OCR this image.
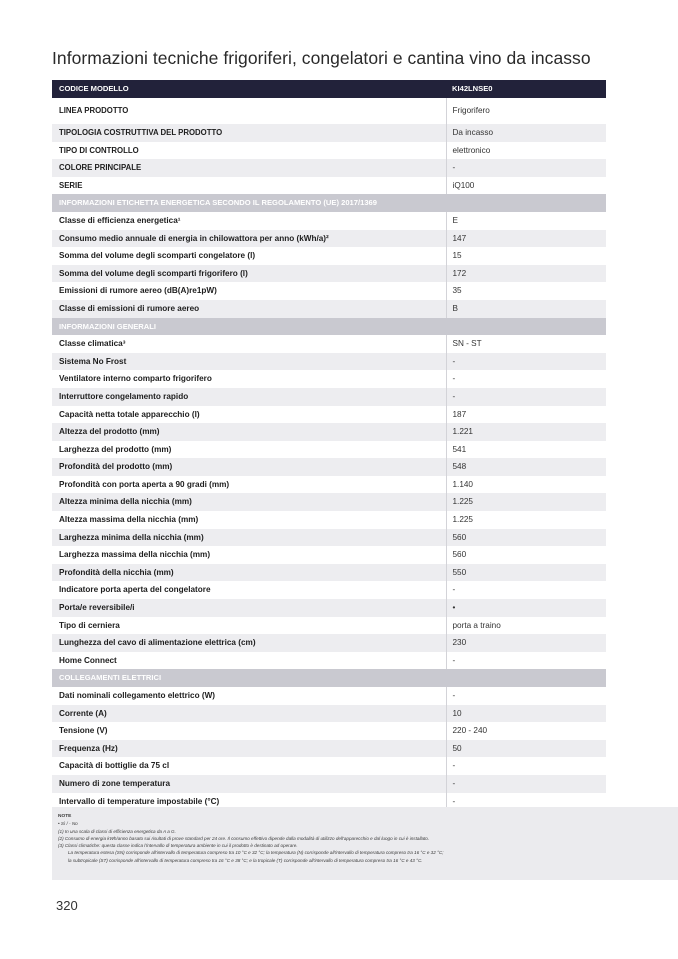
Informazioni tecniche frigoriferi, congelatori e cantina vino da incasso
CODICE MODELLO	KI42LNSE0
LINEA PRODOTTO	Frigorifero
TIPOLOGIA COSTRUTTIVA DEL PRODOTTO	Da incasso
TIPO DI CONTROLLO	elettronico
COLORE PRINCIPALE	-
SERIE	iQ100
INFORMAZIONI ETICHETTA ENERGETICA SECONDO IL REGOLAMENTO (UE) 2017/1369	
Classe di efficienza energetica¹	E
Consumo medio annuale di energia in chilowattora per anno (kWh/a)²	147
Somma del volume degli scomparti congelatore (l)	15
Somma del volume degli scomparti frigorifero (l)	172
Emissioni di rumore aereo (dB(A)re1pW)	35
Classe di emissioni di rumore aereo	B
INFORMAZIONI GENERALI	
Classe climatica³	SN - ST
Sistema No Frost	-
Ventilatore interno comparto frigorifero	-
Interruttore congelamento rapido	-
Capacità netta totale apparecchio (l)	187
Altezza del prodotto (mm)	1.221
Larghezza del prodotto (mm)	541
Profondità del prodotto (mm)	548
Profondità con porta aperta a 90 gradi (mm)	1.140
Altezza minima della nicchia (mm)	1.225
Altezza massima della nicchia (mm)	1.225
Larghezza minima della nicchia (mm)	560
Larghezza massima della nicchia (mm)	560
Profondità della nicchia (mm)	550
Indicatore porta aperta del congelatore	-
Porta/e reversibile/i	•
Tipo di cerniera	porta a traino
Lunghezza del cavo di alimentazione elettrica (cm)	230
Home Connect	-
COLLEGAMENTI ELETTRICI	
Dati nominali collegamento elettrico (W)	-
Corrente (A)	10
Tensione (V)	220 - 240
Frequenza (Hz)	50
Capacità di bottiglie da 75 cl	-
Numero di zone temperatura	-
Intervallo di temperature impostabile (°C)	-
NOTE
• Sì / - No
(1) In una scala di classi di efficienza energetica da A a G.
(2) Consumo di energia kWh/anno basato sui risultati di prove standard per 24 ore. Il consumo effettivo dipende dalla modalità di utilizzo dell'apparecchio e dal luogo in cui è installato.
(3) Classi climatiche: questa classe indica l'intervallo di temperatura ambiente in cui il prodotto è destinato ad operare.
La temperatura estesa (SN) corrisponde all'intervallo di temperatura compreso tra 10 °C e 32 °C; la temperatura (N) corrisponde all'intervallo di temperatura compreso tra 16 °C e 32 °C;
la subtropicale (ST) corrisponde all'intervallo di temperatura compreso tra 16 °C e 38 °C; e la tropicale (T) corrisponde all'intervallo di temperatura compreso tra 16 °C e 43 °C.
320
